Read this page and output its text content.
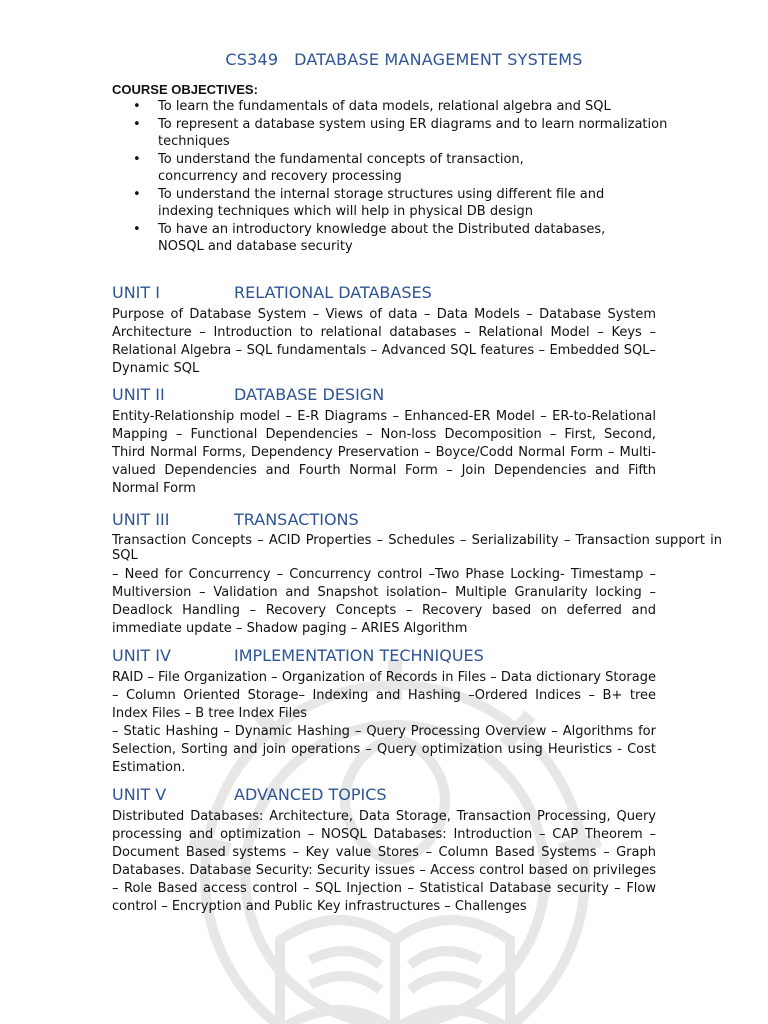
CS349 DATABASE MANAGEMENT SYSTEMS
COURSE OBJECTIVES:
• To learn the fundamentals of data models, relational algebra and SQL
• To represent a database system using ER diagrams and to learn normalization techniques
• To understand the fundamental concepts of transaction, concurrency and recovery processing
• To understand the internal storage structures using different file and indexing techniques which will help in physical DB design
• To have an introductory knowledge about the Distributed databases, NOSQL and database security
UNIT I	RELATIONAL DATABASES
Purpose of Database System – Views of data – Data Models – Database System Architecture – Introduction to relational databases – Relational Model – Keys – Relational Algebra – SQL fundamentals – Advanced SQL features – Embedded SQL– Dynamic SQL
UNIT II	DATABASE DESIGN
Entity-Relationship model – E-R Diagrams – Enhanced-ER Model – ER-to-Relational Mapping – Functional Dependencies – Non-loss Decomposition – First, Second, Third Normal Forms, Dependency Preservation – Boyce/Codd Normal Form – Multi-valued Dependencies and Fourth Normal Form – Join Dependencies and Fifth Normal Form
UNIT III	TRANSACTIONS
Transaction Concepts – ACID Properties – Schedules – Serializability – Transaction support in SQL
– Need for Concurrency – Concurrency control –Two Phase Locking- Timestamp – Multiversion – Validation and Snapshot isolation– Multiple Granularity locking – Deadlock Handling – Recovery Concepts – Recovery based on deferred and immediate update – Shadow paging – ARIES Algorithm
UNIT IV	IMPLEMENTATION TECHNIQUES
RAID – File Organization – Organization of Records in Files – Data dictionary Storage – Column Oriented Storage– Indexing and Hashing –Ordered Indices – B+ tree Index Files – B tree Index Files
– Static Hashing – Dynamic Hashing – Query Processing Overview – Algorithms for Selection, Sorting and join operations – Query optimization using Heuristics - Cost Estimation.
UNIT V	ADVANCED TOPICS
Distributed Databases: Architecture, Data Storage, Transaction Processing, Query processing and optimization – NOSQL Databases: Introduction – CAP Theorem – Document Based systems – Key value Stores – Column Based Systems – Graph Databases. Database Security: Security issues – Access control based on privileges – Role Based access control – SQL Injection – Statistical Database security – Flow control – Encryption and Public Key infrastructures – Challenges
